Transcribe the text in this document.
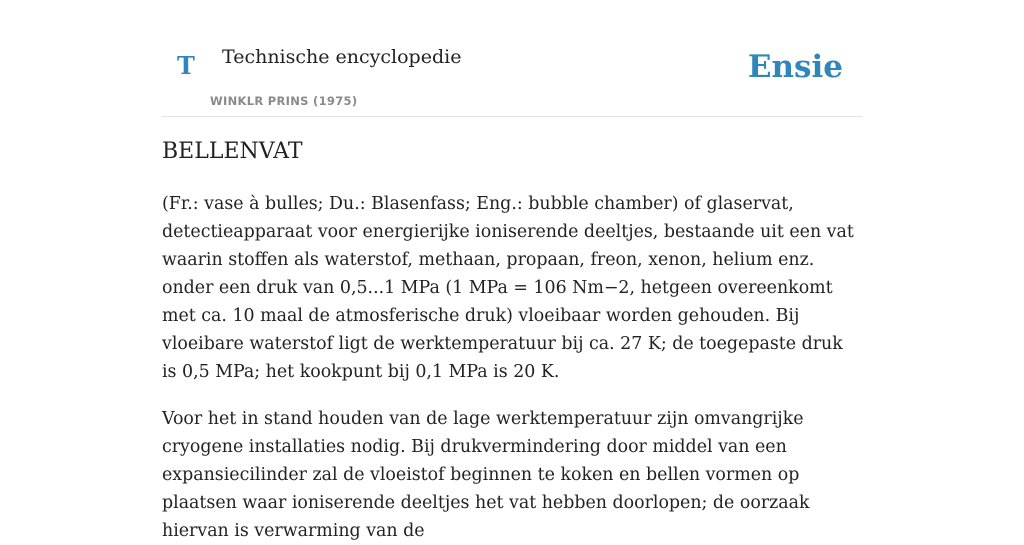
T Technische encyclopedie
WINKLR PRINS (1975)
Ensie
BELLENVAT

(Fr.: vase à bulles; Du.: Blasenfass; Eng.: bubble chamber) of glaservat, detectieapparaat voor energierijke ioniserende deeltjes, bestaande uit een vat waarin stoffen als waterstof, methaan, propaan, freon, xenon, helium enz. onder een druk van 0,5...1 MPa (1 MPa = 106 Nm−2, hetgeen overeenkomt met ca. 10 maal de atmosferische druk) vloeibaar worden gehouden. Bij vloeibare waterstof ligt de werktemperatuur bij ca. 27 K; de toegepaste druk is 0,5 MPa; het kookpunt bij 0,1 MPa is 20 K.

Voor het in stand houden van de lage werktemperatuur zijn omvangrijke cryogene installaties nodig. Bij drukvermindering door middel van een expansiecilinder zal de vloeistof beginnen te koken en bellen vormen op plaatsen waar ioniserende deeltjes het vat hebben doorlopen; de oorzaak hiervan is verwarming van de
